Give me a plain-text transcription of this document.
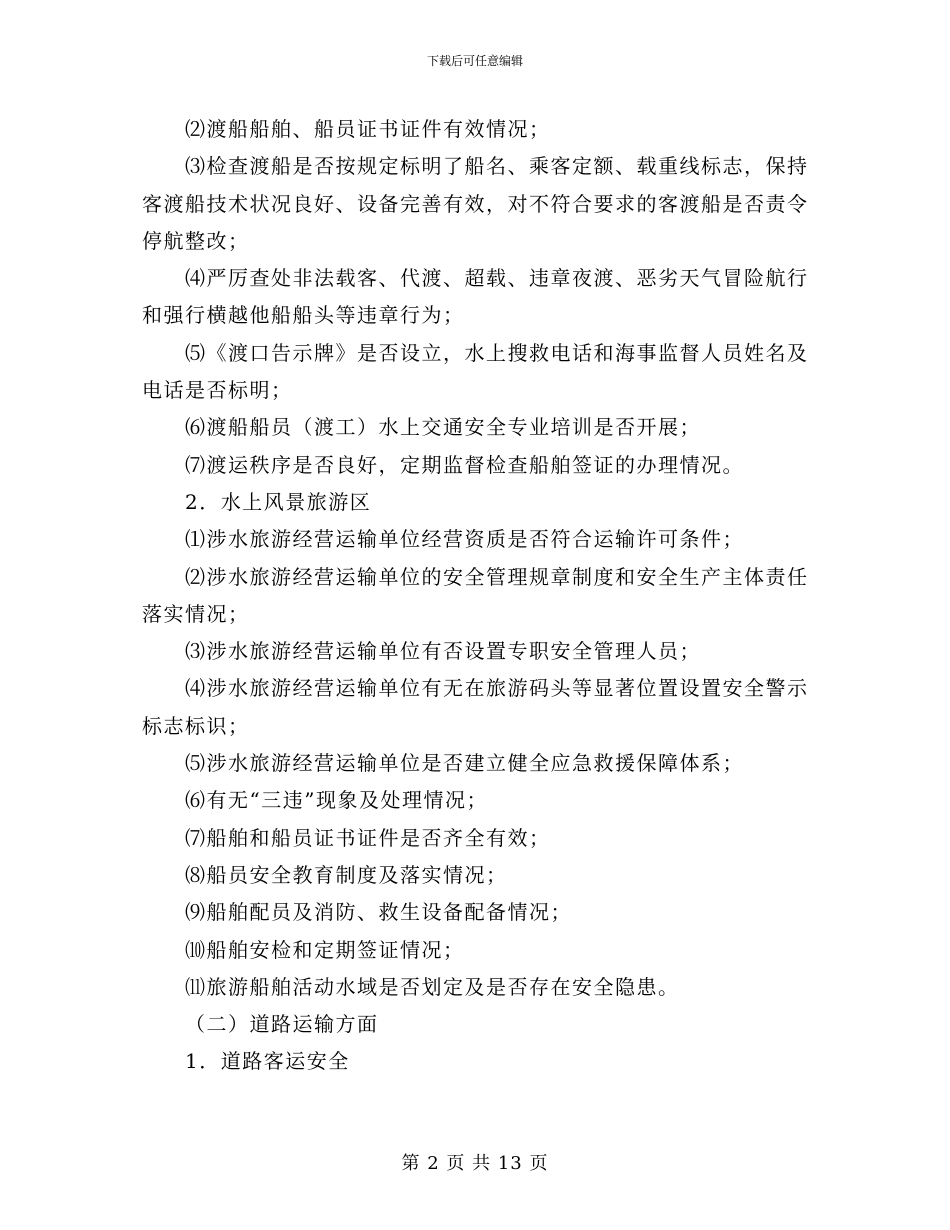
下载后可任意编辑

⑵渡船船舶、船员证书证件有效情况；

⑶检查渡船是否按规定标明了船名、乘客定额、载重线标志，保持客渡船技术状况良好、设备完善有效，对不符合要求的客渡船是否责令停航整改；

⑷严厉查处非法载客、代渡、超载、违章夜渡、恶劣天气冒险航行和强行横越他船船头等违章行为；

⑸《渡口告示牌》是否设立，水上搜救电话和海事监督人员姓名及电话是否标明；

⑹渡船船员（渡工）水上交通安全专业培训是否开展；

⑺渡运秩序是否良好，定期监督检查船舶签证的办理情况。

2．水上风景旅游区

⑴涉水旅游经营运输单位经营资质是否符合运输许可条件；

⑵涉水旅游经营运输单位的安全管理规章制度和安全生产主体责任落实情况；

⑶涉水旅游经营运输单位有否设置专职安全管理人员；

⑷涉水旅游经营运输单位有无在旅游码头等显著位置设置安全警示标志标识；

⑸涉水旅游经营运输单位是否建立健全应急救援保障体系；

⑹有无“三违”现象及处理情况；

⑺船舶和船员证书证件是否齐全有效；

⑻船员安全教育制度及落实情况；

⑼船舶配员及消防、救生设备配备情况；

⑽船舶安检和定期签证情况；

⑾旅游船舶活动水域是否划定及是否存在安全隐患。

（二）道路运输方面

1．道路客运安全

第 2 页 共 13 页
